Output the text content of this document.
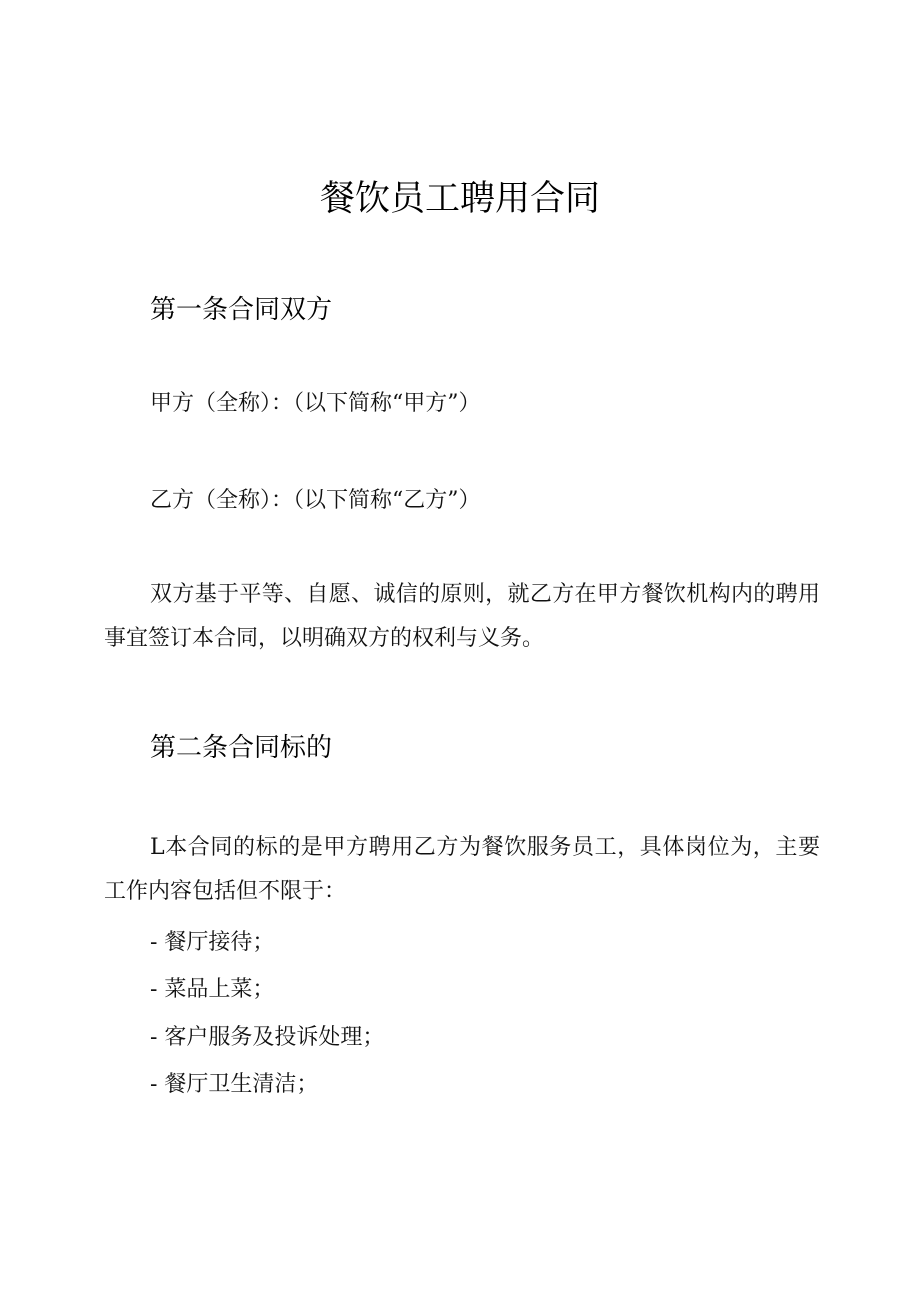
餐饮员工聘用合同
第一条合同双方
甲方（全称）：（以下简称“甲方”）
乙方（全称）：（以下简称“乙方”）
双方基于平等、自愿、诚信的原则，就乙方在甲方餐饮机构内的聘用事宜签订本合同，以明确双方的权利与义务。
第二条合同标的
L本合同的标的是甲方聘用乙方为餐饮服务员工，具体岗位为，主要工作内容包括但不限于：
- 餐厅接待；
- 菜品上菜；
- 客户服务及投诉处理；
- 餐厅卫生清洁；
